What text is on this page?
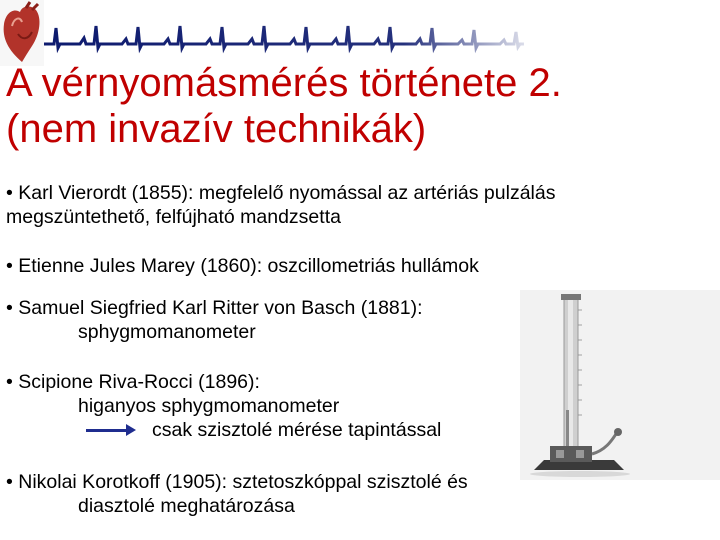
A vérnyomásmérés története 2.
(nem invazív technikák)
• Karl Vierordt (1855): megfelelő nyomással az artériás pulzálás
megszüntethető, felfújható mandzsetta
• Etienne Jules Marey (1860): oszcillometriás hullámok
• Samuel Siegfried Karl Ritter von Basch (1881):
sphygmomanometer
• Scipione Riva-Rocci (1896):
higanyos sphygmomanometer
csak szisztolé mérése tapintással
• Nikolai Korotkoff (1905): sztetoszkóppal szisztolé és
diasztolé meghatározása
